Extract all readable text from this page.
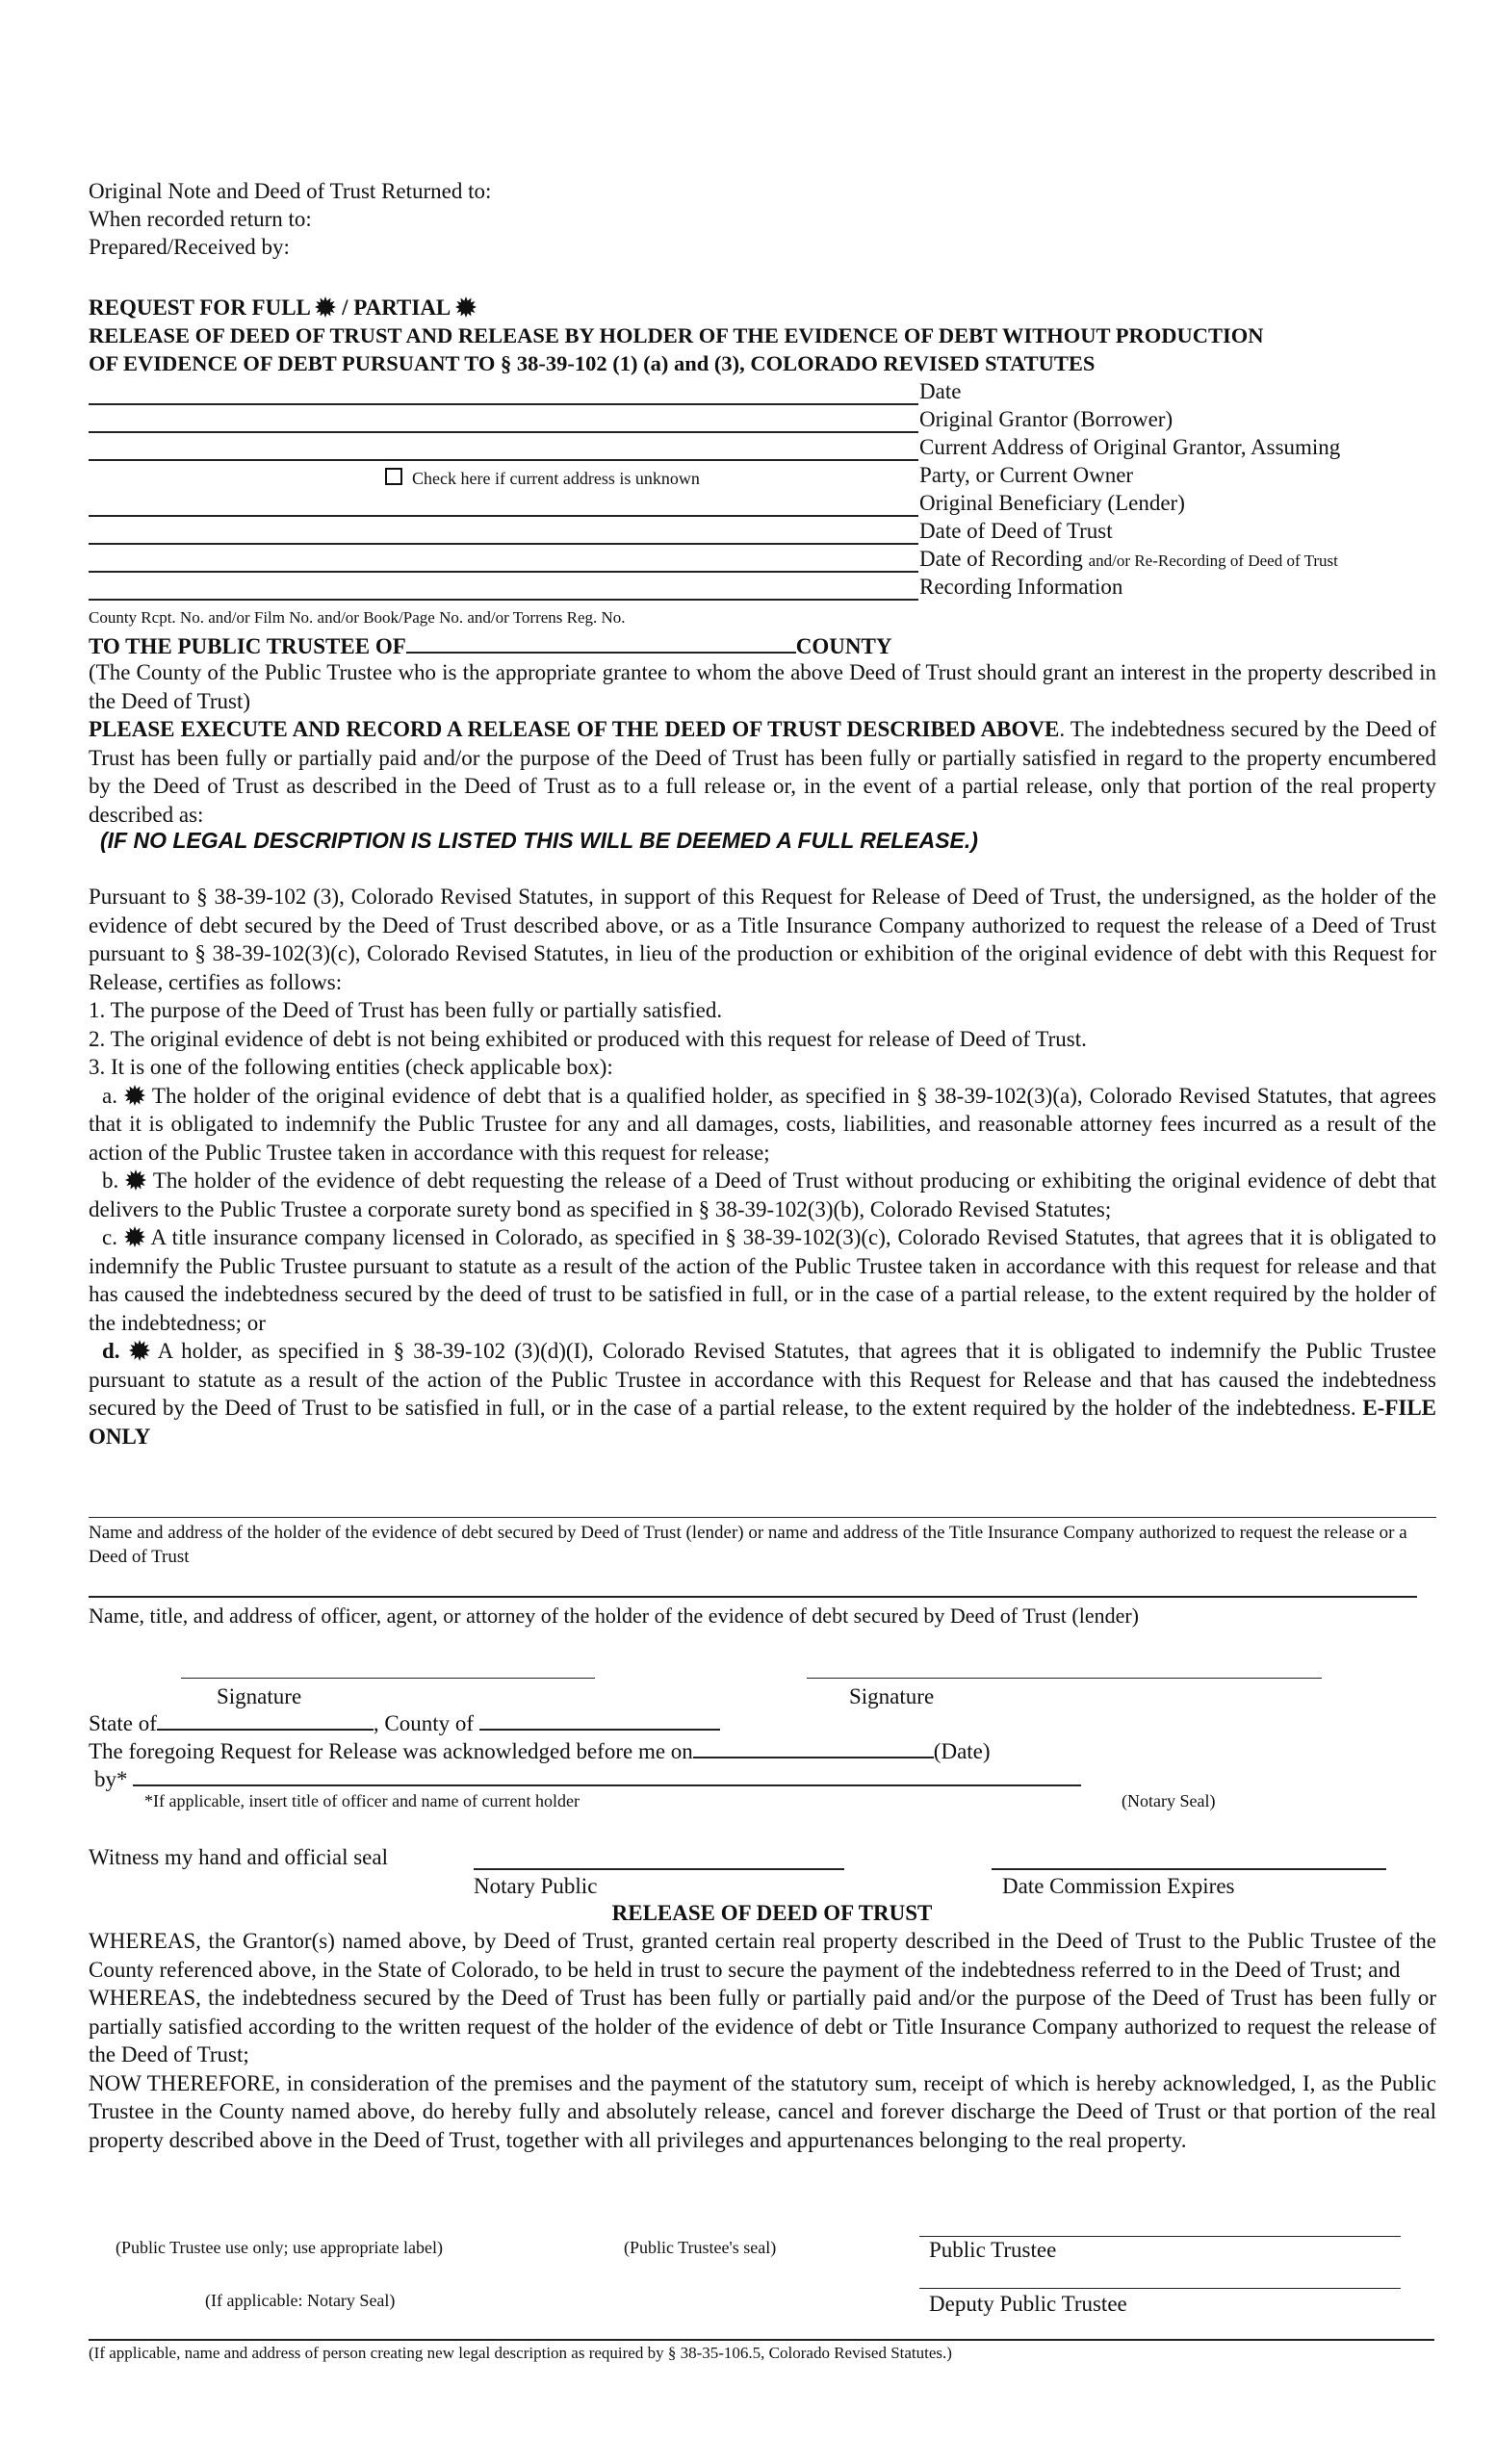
Original Note and Deed of Trust Returned to:
When recorded return to:
Prepared/Received by:
REQUEST FOR FULL / PARTIAL
RELEASE OF DEED OF TRUST AND RELEASE BY HOLDER OF THE EVIDENCE OF DEBT WITHOUT PRODUCTION
OF EVIDENCE OF DEBT PURSUANT TO § 38-39-102 (1) (a) and (3), COLORADO REVISED STATUTES
Date
Original Grantor (Borrower)
Current Address of Original Grantor, Assuming
Check here if current address is unknown	Party, or Current Owner
Original Beneficiary (Lender)
Date of Deed of Trust
Date of Recording and/or Re-Recording of Deed of Trust
Recording Information
County Rcpt. No. and/or Film No. and/or Book/Page No. and/or Torrens Reg. No.
TO THE PUBLIC TRUSTEE OF	COUNTY

(The County of the Public Trustee who is the appropriate grantee to whom the above Deed of Trust should grant an interest in the property described in the Deed of Trust)

PLEASE EXECUTE AND RECORD A RELEASE OF THE DEED OF TRUST DESCRIBED ABOVE. The indebtedness secured by the Deed of Trust has been fully or partially paid and/or the purpose of the Deed of Trust has been fully or partially satisfied in regard to the property encumbered by the Deed of Trust as described in the Deed of Trust as to a full release or, in the event of a partial release, only that portion of the real property described as:

(IF NO LEGAL DESCRIPTION IS LISTED THIS WILL BE DEEMED A FULL RELEASE.)

Pursuant to § 38-39-102 (3), Colorado Revised Statutes, in support of this Request for Release of Deed of Trust, the undersigned, as the holder of the evidence of debt secured by the Deed of Trust described above, or as a Title Insurance Company authorized to request the release of a Deed of Trust pursuant to § 38-39-102(3)(c), Colorado Revised Statutes, in lieu of the production or exhibition of the original evidence of debt with this Request for Release, certifies as follows:

1. The purpose of the Deed of Trust has been fully or partially satisfied.

2. The original evidence of debt is not being exhibited or produced with this request for release of Deed of Trust.

3. It is one of the following entities (check applicable box):

a. The holder of the original evidence of debt that is a qualified holder, as specified in § 38-39-102(3)(a), Colorado Revised Statutes, that agrees that it is obligated to indemnify the Public Trustee for any and all damages, costs, liabilities, and reasonable attorney fees incurred as a result of the action of the Public Trustee taken in accordance with this request for release;

b. The holder of the evidence of debt requesting the release of a Deed of Trust without producing or exhibiting the original evidence of debt that delivers to the Public Trustee a corporate surety bond as specified in § 38-39-102(3)(b), Colorado Revised Statutes;

c. A title insurance company licensed in Colorado, as specified in § 38-39-102(3)(c), Colorado Revised Statutes, that agrees that it is obligated to indemnify the Public Trustee pursuant to statute as a result of the action of the Public Trustee taken in accordance with this request for release and that has caused the indebtedness secured by the deed of trust to be satisfied in full, or in the case of a partial release, to the extent required by the holder of the indebtedness; or

d. A holder, as specified in § 38-39-102 (3)(d)(I), Colorado Revised Statutes, that agrees that it is obligated to indemnify the Public Trustee pursuant to statute as a result of the action of the Public Trustee in accordance with this Request for Release and that has caused the indebtedness secured by the Deed of Trust to be satisfied in full, or in the case of a partial release, to the extent required by the holder of the indebtedness. E-FILE ONLY

Name and address of the holder of the evidence of debt secured by Deed of Trust (lender) or name and address of the Title Insurance Company authorized to request the release or a Deed of Trust
Name, title, and address of officer, agent, or attorney of the holder of the evidence of debt secured by Deed of Trust (lender)
Signature	Signature
State of	, County of
The foregoing Request for Release was acknowledged before me on	(Date)
by*
*If applicable, insert title of officer and name of current holder	(Notary Seal)
Witness my hand and official seal
Notary Public	Date Commission Expires
RELEASE OF DEED OF TRUST

WHEREAS, the Grantor(s) named above, by Deed of Trust, granted certain real property described in the Deed of Trust to the Public Trustee of the County referenced above, in the State of Colorado, to be held in trust to secure the payment of the indebtedness referred to in the Deed of Trust; and

WHEREAS, the indebtedness secured by the Deed of Trust has been fully or partially paid and/or the purpose of the Deed of Trust has been fully or partially satisfied according to the written request of the holder of the evidence of debt or Title Insurance Company authorized to request the release of the Deed of Trust;

NOW THEREFORE, in consideration of the premises and the payment of the statutory sum, receipt of which is hereby acknowledged, I, as the Public Trustee in the County named above, do hereby fully and absolutely release, cancel and forever discharge the Deed of Trust or that portion of the real property described above in the Deed of Trust, together with all privileges and appurtenances belonging to the real property.

(Public Trustee use only; use appropriate label)	(Public Trustee's seal)	Public Trustee
(If applicable: Notary Seal)	Deputy Public Trustee
(If applicable, name and address of person creating new legal description as required by § 38-35-106.5, Colorado Revised Statutes.)
